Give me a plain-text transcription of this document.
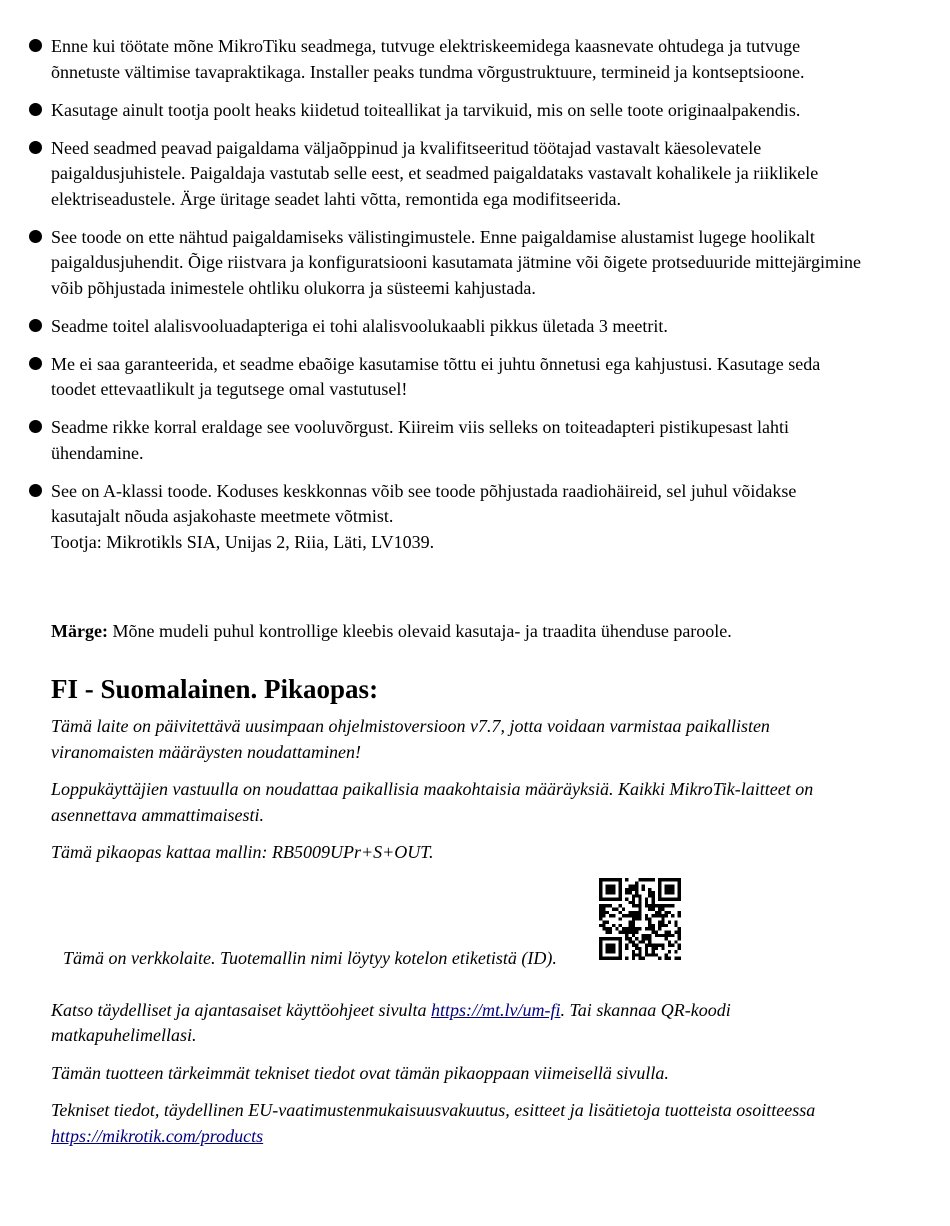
Enne kui töötate mõne MikroTiku seadmega, tutvuge elektriskeemidega kaasnevate ohtudega ja tutvuge õnnetuste vältimise tavapraktikaga. Installer peaks tundma võrgustruktuure, termineid ja kontseptsioone.
Kasutage ainult tootja poolt heaks kiidetud toiteallikat ja tarvikuid, mis on selle toote originaalpakendis.
Need seadmed peavad paigaldama väljaõppinud ja kvalifitseeritud töötajad vastavalt käesolevatele paigaldusjuhistele. Paigaldaja vastutab selle eest, et seadmed paigaldataks vastavalt kohalikele ja riiklikele elektriseadustele. Ärge üritage seadet lahti võtta, remontida ega modifitseerida.
See toode on ette nähtud paigaldamiseks välistingimustele. Enne paigaldamise alustamist lugege hoolikalt paigaldusjuhendit. Õige riistvara ja konfiguratsiooni kasutamata jätmine või õigete protseduuride mittejärgimine võib põhjustada inimestele ohtliku olukorra ja süsteemi kahjustada.
Seadme toitel alalisvooluadapteriga ei tohi alalisvoolukaabli pikkus ületada 3 meetrit.
Me ei saa garanteerida, et seadme ebaõige kasutamise tõttu ei juhtu õnnetusi ega kahjustusi. Kasutage seda toodet ettevaatlikult ja tegutsege omal vastutusel!
Seadme rikke korral eraldage see vooluvõrgust. Kiireim viis selleks on toiteadapteri pistikupesast lahti ühendamine.
See on A-klassi toode. Koduses keskkonnas võib see toode põhjustada raadiohäireid, sel juhul võidakse kasutajalt nõuda asjakohaste meetmete võtmist.
Tootja: Mikrotikls SIA, Unijas 2, Riia, Läti, LV1039.
Märge: Mõne mudeli puhul kontrollige kleebis olevaid kasutaja- ja traadita ühenduse paroole.
FI - Suomalainen. Pikaopas:

Tämä laite on päivitettävä uusimpaan ohjelmistoversioon v7.7, jotta voidaan varmistaa paikallisten viranomaisten määräysten noudattaminen!

Loppukäyttäjien vastuulla on noudattaa paikallisia maakohtaisia määräyksiä. Kaikki MikroTik-laitteet on asennettava ammattimaisesti.

Tämä pikaopas kattaa mallin: RB5009UPr+S+OUT.

Tämä on verkkolaite. Tuotemallin nimi löytyy kotelon etiketistä (ID).

Katso täydelliset ja ajantasaiset käyttöohjeet sivulta https://mt.lv/um-fi. Tai skannaa QR-koodi matkapuhelimellasi.

Tämän tuotteen tärkeimmät tekniset tiedot ovat tämän pikaoppaan viimeisellä sivulla.

Tekniset tiedot, täydellinen EU-vaatimustenmukaisuusvakuutus, esitteet ja lisätietoja tuotteista osoitteessa https://mikrotik.com/products
